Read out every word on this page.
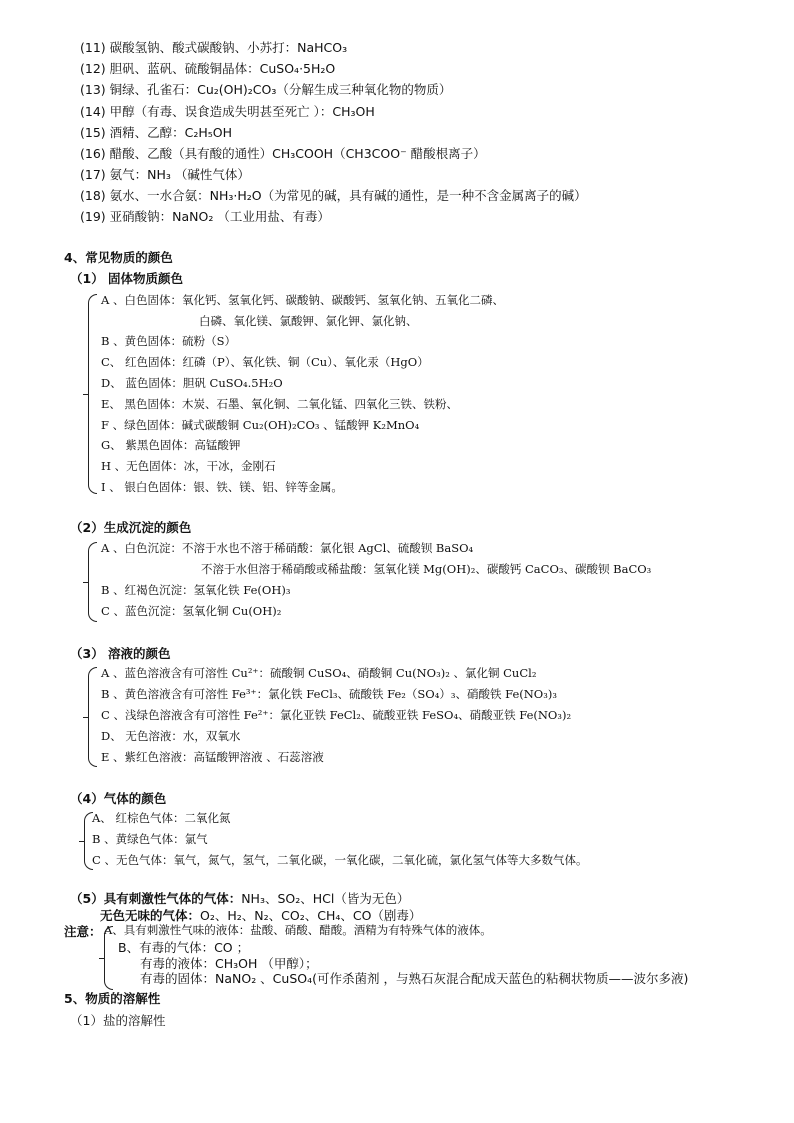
(11) 碳酸氢钠、酸式碳酸钠、小苏打：NaHCO₃
(12) 胆矾、蓝矾、硫酸铜晶体：CuSO₄·5H₂O
(13) 铜绿、孔雀石：Cu₂(OH)₂CO₃（分解生成三种氧化物的物质）
(14) 甲醇（有毒、误食造成失明甚至死亡 ）：CH₃OH
(15) 酒精、乙醇：C₂H₅OH
(16) 醋酸、乙酸（具有酸的通性）CH₃COOH（CH3COO⁻ 醋酸根离子）
(17) 氨气：NH₃ （碱性气体）
(18) 氨水、一水合氨：NH₃·H₂O（为常见的碱，具有碱的通性，是一种不含金属离子的碱）
(19) 亚硝酸钠：NaNO₂ （工业用盐、有毒）
4、常见物质的颜色
（1） 固体物质颜色
A 、白色固体：氧化钙、氢氧化钙、碳酸钠、碳酸钙、氢氧化钠、五氧化二磷、
白磷、氧化镁、氯酸钾、氯化钾、氯化钠、
B 、黄色固体：硫粉（S）
C、 红色固体：红磷（P）、氧化铁、铜（Cu）、氧化汞（HgO）
D、 蓝色固体：胆矾 CuSO₄.5H₂O
E、 黑色固体：木炭、石墨、氧化铜、二氧化锰、四氧化三铁、铁粉、
F 、绿色固体：碱式碳酸铜 Cu₂(OH)₂CO₃ 、锰酸钾 K₂MnO₄
G、 紫黑色固体：高锰酸钾
H 、无色固体：冰，干冰，金刚石
I 、 银白色固体：银、铁、镁、铝、锌等金属。
（2）生成沉淀的颜色
A 、白色沉淀：不溶于水也不溶于稀硝酸：氯化银 AgCl、硫酸钡 BaSO₄
不溶于水但溶于稀硝酸或稀盐酸：氢氧化镁 Mg(OH)₂、碳酸钙 CaCO₃、碳酸钡 BaCO₃
B 、红褐色沉淀：氢氧化铁 Fe(OH)₃
C 、蓝色沉淀：氢氧化铜 Cu(OH)₂
（3） 溶液的颜色
A 、蓝色溶液含有可溶性 Cu²⁺：硫酸铜 CuSO₄、硝酸铜 Cu(NO₃)₂ 、氯化铜 CuCl₂
B 、黄色溶液含有可溶性 Fe³⁺：氯化铁 FeCl₃、硫酸铁 Fe₂（SO₄）₃、硝酸铁 Fe(NO₃)₃
C 、浅绿色溶液含有可溶性 Fe²⁺：氯化亚铁 FeCl₂、硫酸亚铁 FeSO₄、硝酸亚铁 Fe(NO₃)₂
D、 无色溶液：水，双氧水
E 、紫红色溶液：高锰酸钾溶液 、石蕊溶液
（4）气体的颜色
A、 红棕色气体：二氧化氮
B 、黄绿色气体：氯气
C 、无色气体：氧气，氮气，氢气，二氧化碳，一氧化碳，二氧化硫，氯化氢气体等大多数气体。
（5）具有刺激性气体的气体：NH₃、SO₂、HCl（皆为无色）
无色无味的气体：O₂、H₂、N₂、CO₂、CH₄、CO（剧毒）
注意： A、具有刺激性气味的液体：盐酸、硝酸、醋酸。酒精为有特殊气体的液体。
B、有毒的气体：CO ；
有毒的液体：CH₃OH （甲醇）；
有毒的固体：NaNO₂ 、CuSO₄(可作杀菌剂 ，与熟石灰混合配成天蓝色的粘稠状物质——波尔多液)
5、物质的溶解性
（1）盐的溶解性
